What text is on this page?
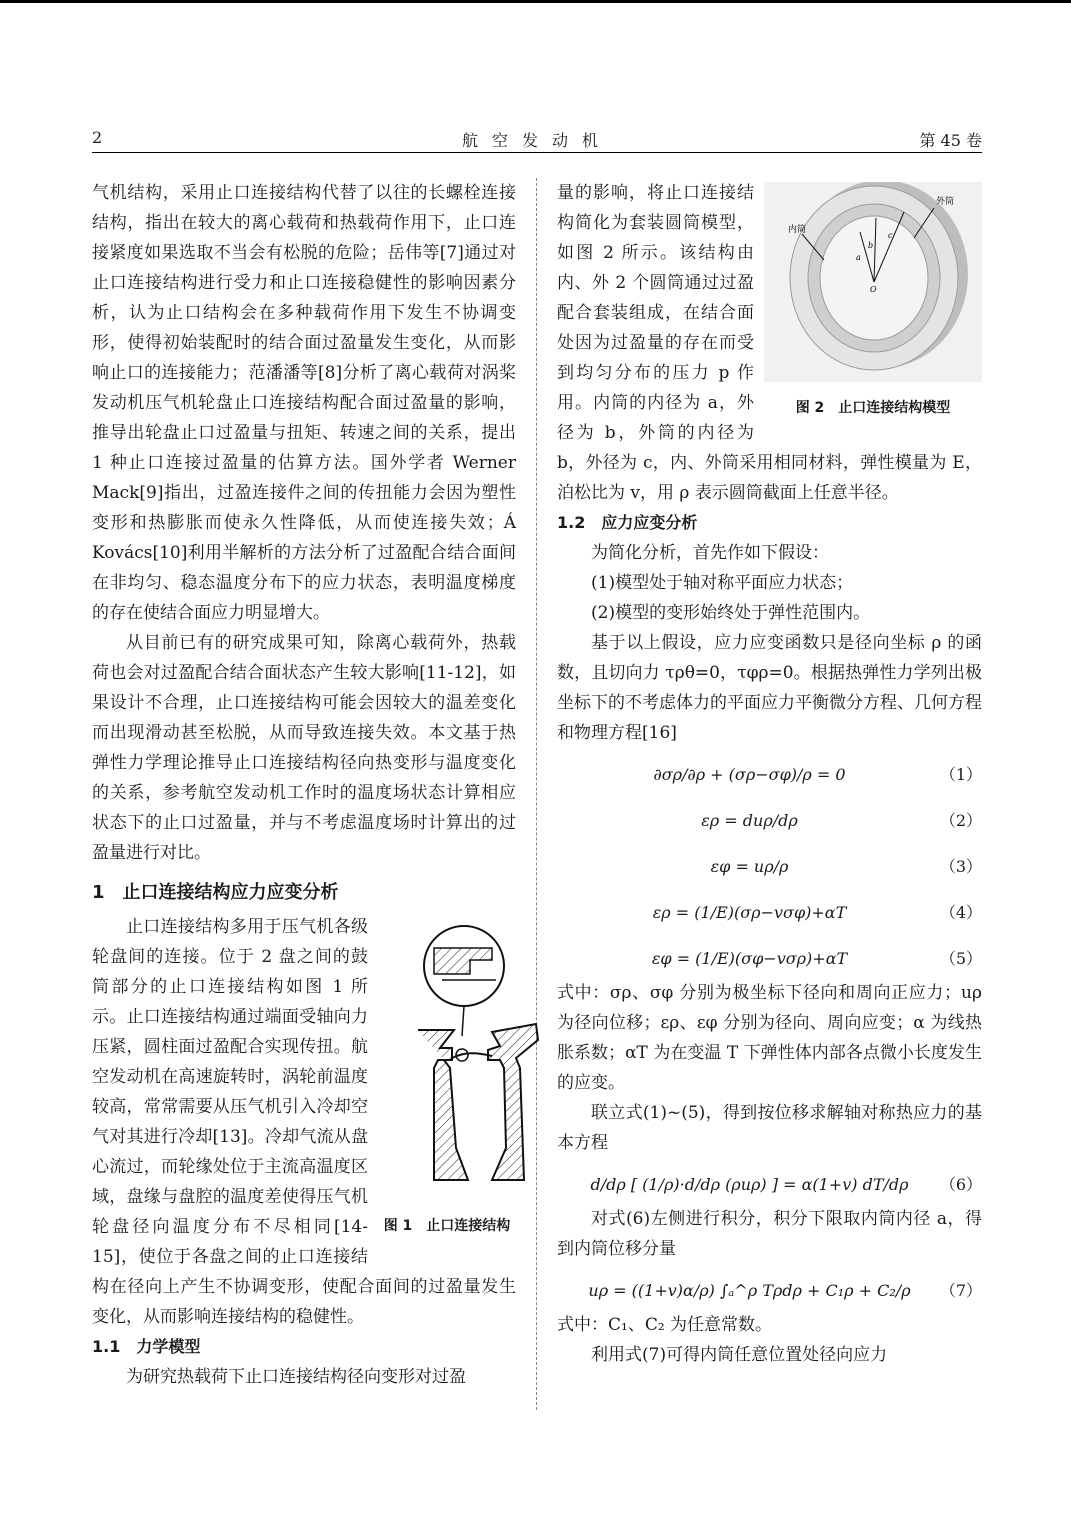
2	航空发动机	第 45 卷

气机结构，采用止口连接结构代替了以往的长螺栓连接结构，指出在较大的离心载荷和热载荷作用下，止口连接紧度如果选取不当会有松脱的危险；岳伟等[7]通过对止口连接结构进行受力和止口连接稳健性的影响因素分析，认为止口结构会在多种载荷作用下发生不协调变形，使得初始装配时的结合面过盈量发生变化，从而影响止口的连接能力；范潘潘等[8]分析了离心载荷对涡桨发动机压气机轮盘止口连接结构配合面过盈量的影响，推导出轮盘止口过盈量与扭矩、转速之间的关系，提出 1 种止口连接过盈量的估算方法。国外学者 Werner Mack[9]指出，过盈连接件之间的传扭能力会因为塑性变形和热膨胀而使永久性降低，从而使连接失效；Á Kovács[10]利用半解析的方法分析了过盈配合结合面间在非均匀、稳态温度分布下的应力状态，表明温度梯度的存在使结合面应力明显增大。

从目前已有的研究成果可知，除离心载荷外，热载荷也会对过盈配合结合面状态产生较大影响[11-12]，如果设计不合理，止口连接结构可能会因较大的温差变化而出现滑动甚至松脱，从而导致连接失效。本文基于热弹性力学理论推导止口连接结构径向热变形与温度变化的关系，参考航空发动机工作时的温度场状态计算相应状态下的止口过盈量，并与不考虑温度场时计算出的过盈量进行对比。

1　止口连接结构应力应变分析

图 1　止口连接结构
止口连接结构多用于压气机各级轮盘间的连接。位于 2 盘之间的鼓筒部分的止口连接结构如图 1 所示。止口连接结构通过端面受轴向力压紧，圆柱面过盈配合实现传扭。航空发动机在高速旋转时，涡轮前温度较高，常常需要从压气机引入冷却空气对其进行冷却[13]。冷却气流从盘心流过，而轮缘处位于主流高温度区域，盘缘与盘腔的温度差使得压气机轮盘径向温度分布不尽相同[14-15]，使位于各盘之间的止口连接结构在径向上产生不协调变形，使配合面间的过盈量发生变化，从而影响连接结构的稳健性。

1.1　力学模型

为研究热载荷下止口连接结构径向变形对过盈

内筒
外筒
a
b
c
O
图 2　止口连接结构模型
量的影响，将止口连接结构简化为套装圆筒模型，如图 2 所示。该结构由内、外 2 个圆筒通过过盈配合套装组成，在结合面处因为过盈量的存在而受到均匀分布的压力 p 作用。内筒的内径为 a，外径为 b，外筒的内径为 b，外径为 c，内、外筒采用相同材料，弹性模量为 E，泊松比为 v，用 ρ 表示圆筒截面上任意半径。

1.2　应力应变分析

为简化分析，首先作如下假设：

(1)模型处于轴对称平面应力状态；

(2)模型的变形始终处于弹性范围内。

基于以上假设，应力应变函数只是径向坐标 ρ 的函数，且切向力 τρθ=0，τφρ=0。根据热弹性力学列出极坐标下的不考虑体力的平面应力平衡微分方程、几何方程和物理方程[16]

∂σρ/∂ρ + (σρ−σφ)/ρ = 0	（1）
ερ = duρ/dρ	（2）
εφ = uρ/ρ	（3）
ερ = (1/E)(σρ−vσφ)+αT	（4）
εφ = (1/E)(σφ−vσρ)+αT	（5）

式中：σρ、σφ 分别为极坐标下径向和周向正应力；uρ 为径向位移；ερ、εφ 分别为径向、周向应变；α 为线热胀系数；αT 为在变温 T 下弹性体内部各点微小长度发生的应变。

联立式(1)~(5)，得到按位移求解轴对称热应力的基本方程

d/dρ [ (1/ρ)·d/dρ (ρuρ) ] = α(1+v) dT/dρ	（6）

对式(6)左侧进行积分，积分下限取内筒内径 a，得到内筒位移分量

uρ = ((1+v)α/ρ) ∫ₐ^ρ Tρdρ + C₁ρ + C₂/ρ	（7）

式中：C₁、C₂ 为任意常数。

利用式(7)可得内筒任意位置处径向应力
